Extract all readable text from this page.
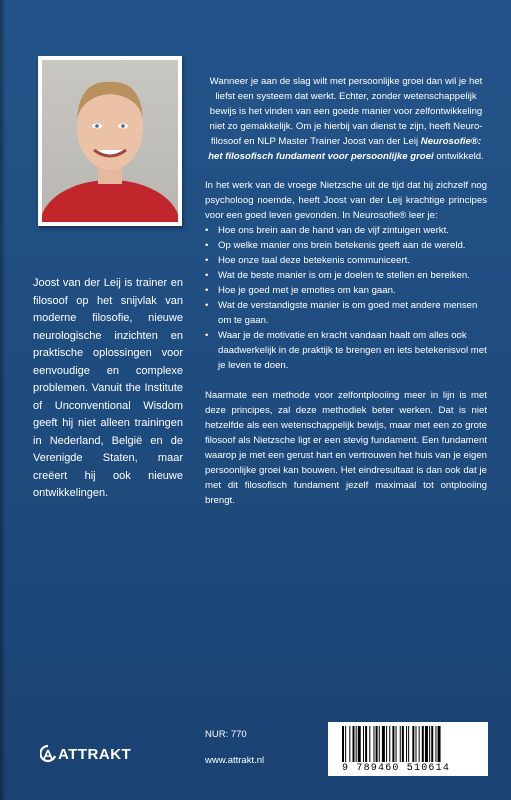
Joost van der Leij is trainer en filosoof op het snijvlak van moderne filosofie, nieuwe neurologische inzichten en praktische oplossingen voor eenvoudige en complexe problemen. Vanuit the Institute of Unconventional Wisdom geeft hij niet alleen trainingen in Nederland, België en de Verenigde Staten, maar creëert hij ook nieuwe ontwikkelingen.
ATTRAKT

Wanneer je aan de slag wilt met persoonlijke groei dan wil je het liefst een systeem dat werkt. Echter, zonder wetenschappelijk bewijs is het vinden van een goede manier voor zelfontwikkeling niet zo gemakkelijk. Om je hierbij van dienst te zijn, heeft Neuro-filosoof en NLP Master Trainer Joost van der Leij Neurosofie®: het filosofisch fundament voor persoonlijke groei ontwikkeld.

In het werk van de vroege Nietzsche uit de tijd dat hij zichzelf nog psycholoog noemde, heeft Joost van der Leij krachtige principes voor een goed leven gevonden. In Neurosofie® leer je:

• Hoe ons brein aan de hand van de vijf zintuigen werkt.
• Op welke manier ons brein betekenis geeft aan de wereld.
• Hoe onze taal deze betekenis communiceert.
• Wat de beste manier is om je doelen te stellen en bereiken.
• Hoe je goed met je emoties om kan gaan.
• Wat de verstandigste manier is om goed met andere mensen om te gaan.
• Waar je de motivatie en kracht vandaan haalt om alles ook daadwerkelijk in de praktijk te brengen en iets betekenisvol met je leven te doen.

Naarmate een methode voor zelfontplooiing meer in lijn is met deze principes, zal deze methodiek beter werken. Dat is niet hetzelfde als een wetenschappelijk bewijs, maar met een zo grote filosoof als Nietzsche ligt er een stevig fundament. Een fundament waarop je met een gerust hart en vertrouwen het huis van je eigen persoonlijke groei kan bouwen. Het eindresultaat is dan ook dat je met dit filosofisch fundament jezelf maximaal tot ontplooiing brengt.

NUR: 770
www.attrakt.nl
9 789460 510614
